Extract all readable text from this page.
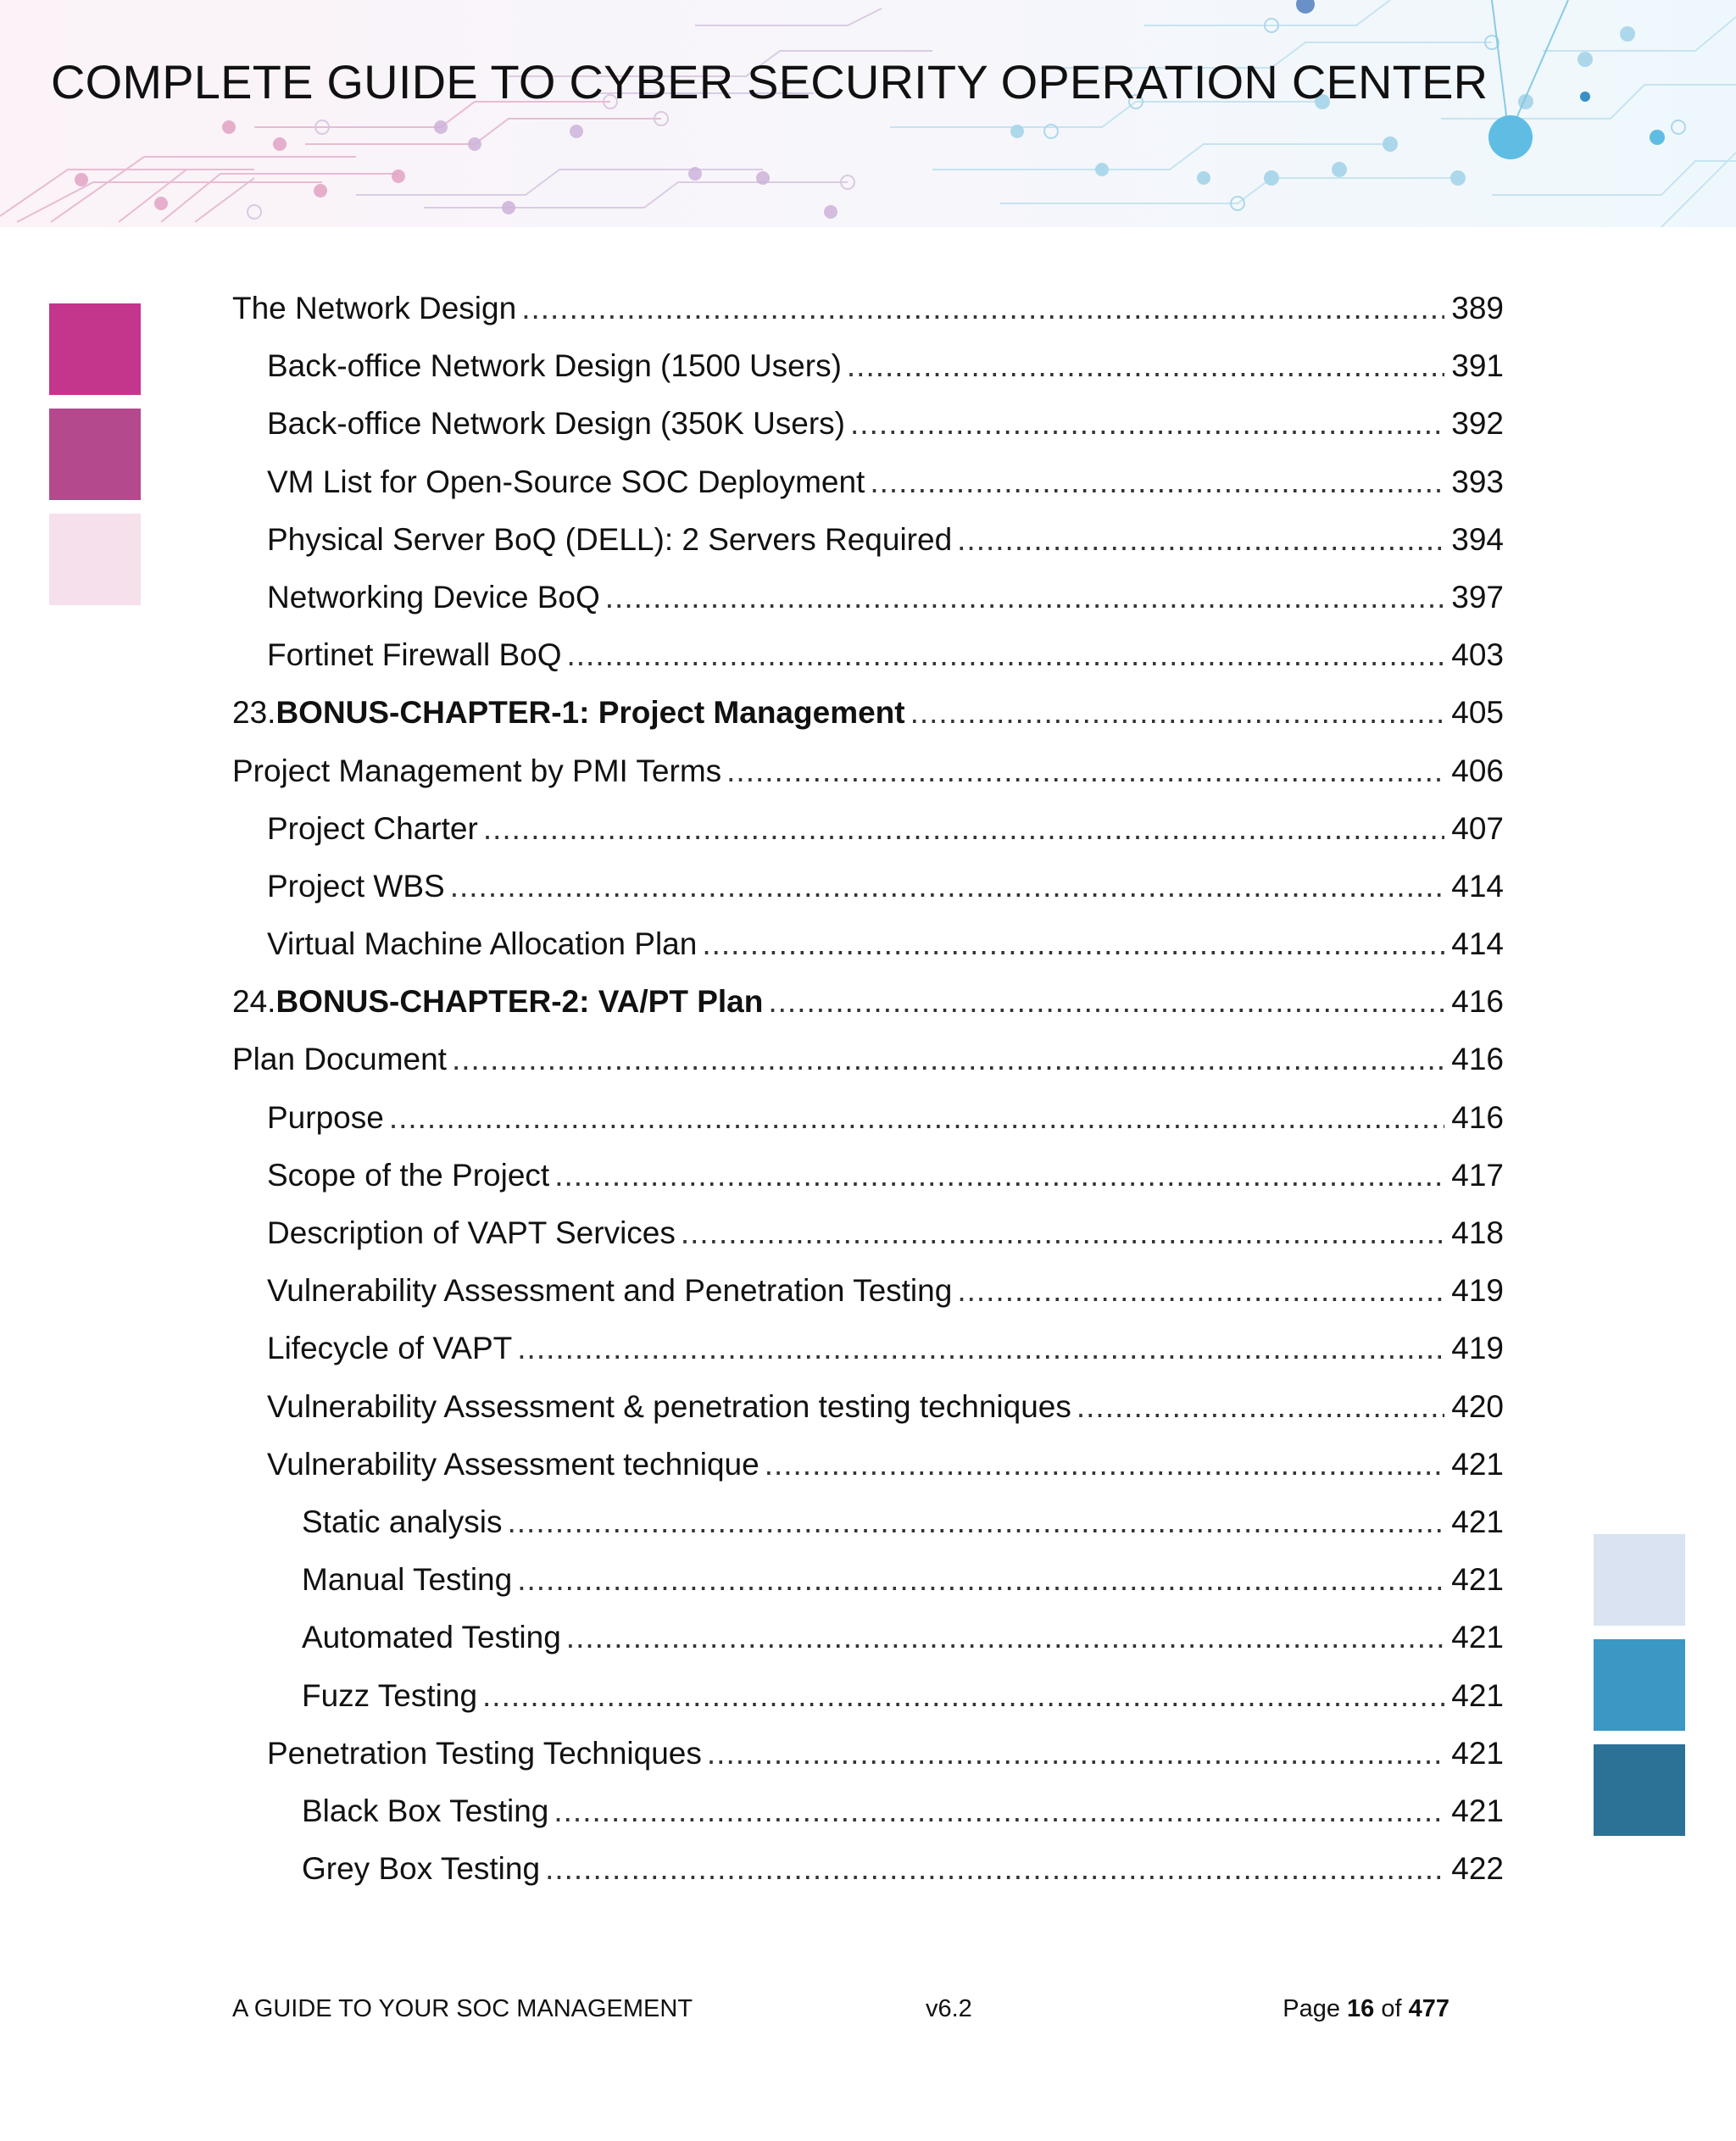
COMPLETE GUIDE TO CYBER SECURITY OPERATION CENTER
The Network Design .....	389
Back-office Network Design (1500 Users) .....	391
Back-office Network Design (350K Users) .....	392
VM List for Open-Source SOC Deployment .....	393
Physical Server BoQ (DELL): 2 Servers Required .....	394
Networking Device BoQ .....	397
Fortinet Firewall BoQ .....	403
23. BONUS-CHAPTER-1: Project Management .....	405
Project Management by PMI Terms .....	406
Project Charter .....	407
Project WBS .....	414
Virtual Machine Allocation Plan .....	414
24. BONUS-CHAPTER-2: VA/PT Plan .....	416
Plan Document .....	416
Purpose .....	416
Scope of the Project .....	417
Description of VAPT Services .....	418
Vulnerability Assessment and Penetration Testing .....	419
Lifecycle of VAPT .....	419
Vulnerability Assessment & penetration testing techniques .....	420
Vulnerability Assessment technique .....	421
Static analysis .....	421
Manual Testing .....	421
Automated Testing .....	421
Fuzz Testing .....	421
Penetration Testing Techniques .....	421
Black Box Testing .....	421
Grey Box Testing .....	422
A GUIDE TO YOUR SOC MANAGEMENT	v6.2	Page 16 of 477
